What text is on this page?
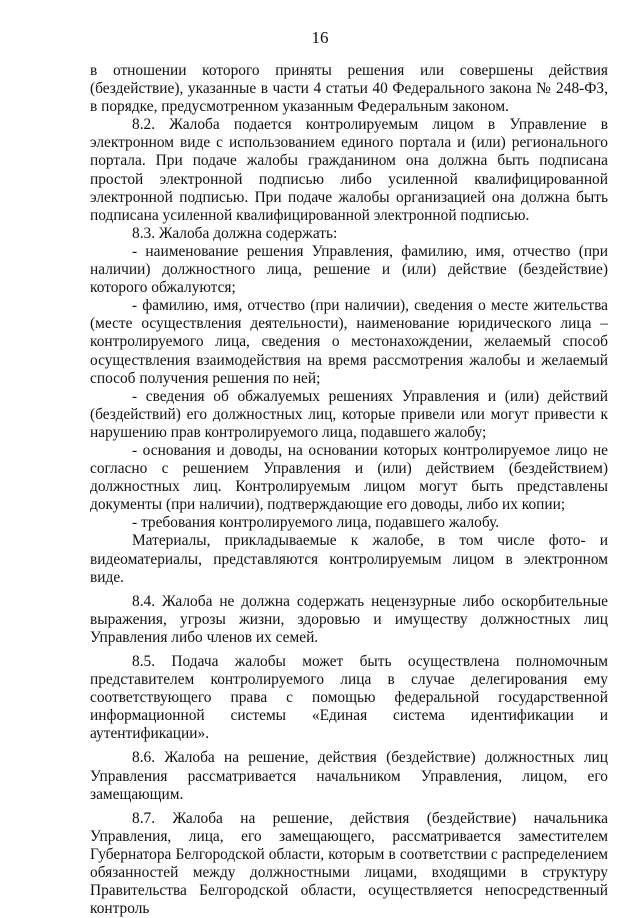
16

в отношении которого приняты решения или совершены действия (бездействие), указанные в части 4 статьи 40 Федерального закона № 248-ФЗ, в порядке, предусмотренном указанным Федеральным законом.

8.2. Жалоба подается контролируемым лицом в Управление в электронном виде с использованием единого портала и (или) регионального портала. При подаче жалобы гражданином она должна быть подписана простой электронной подписью либо усиленной квалифицированной электронной подписью. При подаче жалобы организацией она должна быть подписана усиленной квалифицированной электронной подписью.

8.3. Жалоба должна содержать:

- наименование решения Управления, фамилию, имя, отчество (при наличии) должностного лица, решение и (или) действие (бездействие) которого обжалуются;

- фамилию, имя, отчество (при наличии), сведения о месте жительства (месте осуществления деятельности), наименование юридического лица – контролируемого лица, сведения о местонахождении, желаемый способ осуществления взаимодействия на время рассмотрения жалобы и желаемый способ получения решения по ней;

- сведения об обжалуемых решениях Управления и (или) действий (бездействий) его должностных лиц, которые привели или могут привести к нарушению прав контролируемого лица, подавшего жалобу;

- основания и доводы, на основании которых контролируемое лицо не согласно с решением Управления и (или) действием (бездействием) должностных лиц. Контролируемым лицом могут быть представлены документы (при наличии), подтверждающие его доводы, либо их копии;

- требования контролируемого лица, подавшего жалобу.

Материалы, прикладываемые к жалобе, в том числе фото- и видеоматериалы, представляются контролируемым лицом в электронном виде.

8.4. Жалоба не должна содержать нецензурные либо оскорбительные выражения, угрозы жизни, здоровью и имуществу должностных лиц Управления либо членов их семей.

8.5. Подача жалобы может быть осуществлена полномочным представителем контролируемого лица в случае делегирования ему соответствующего права с помощью федеральной государственной информационной системы «Единая система идентификации и аутентификации».

8.6. Жалоба на решение, действия (бездействие) должностных лиц Управления рассматривается начальником Управления, лицом, его замещающим.

8.7. Жалоба на решение, действия (бездействие) начальника Управления, лица, его замещающего, рассматривается заместителем Губернатора Белгородской области, которым в соответствии с распределением обязанностей между должностными лицами, входящими в структуру Правительства Белгородской области, осуществляется непосредственный контроль
